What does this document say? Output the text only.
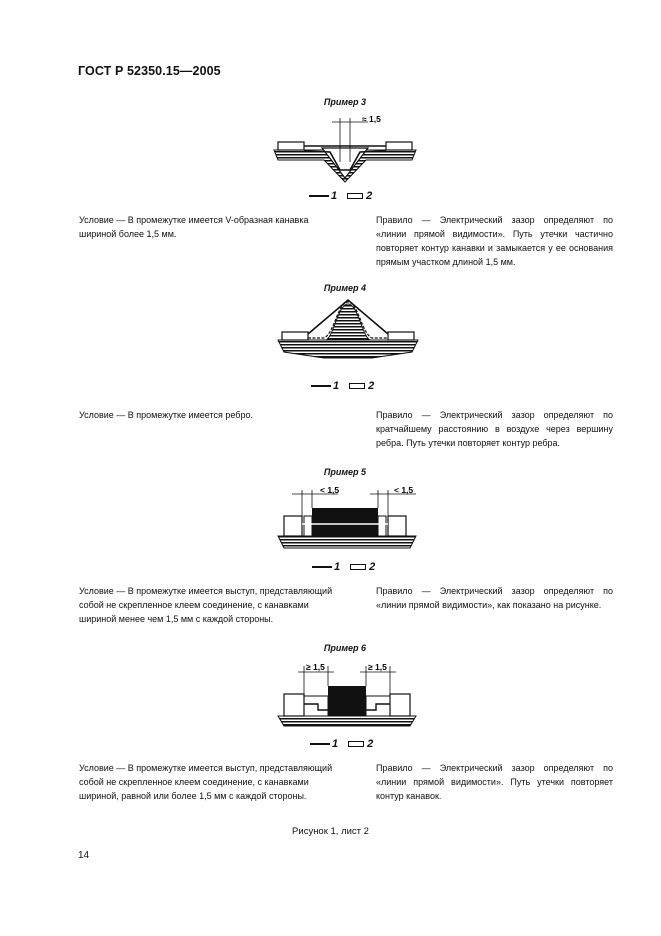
ГОСТ Р 52350.15—2005
Пример 3
≈ 1,5
1	2
Условие — В промежутке имеется V-образная канавка шириной более 1,5 мм.
Правило — Электрический зазор определяют по «линии прямой видимости». Путь утечки частично повторяет контур канавки и замыкается у ее основания прямым участком длиной 1,5 мм.
Пример 4
1	2
Условие — В промежутке имеется ребро.	Правило — Электрический зазор определяют по кратчайшему расстоянию в воздухе через вершину ребра. Путь утечки повторяет контур ребра.
Пример 5
< 1,5	< 1,5
1	2
Условие — В промежутке имеется выступ, представляющий собой не скрепленное клеем соединение, с канавками шириной менее чем 1,5 мм с каждой стороны.
Правило — Электрический зазор определяют по «линии прямой видимости», как показано на рисунке.
Пример 6
≥ 1,5	≥ 1,5
1	2
Условие — В промежутке имеется выступ, представляющий собой не скрепленное клеем соединение, с канавками шириной, равной или более 1,5 мм с каждой стороны.
Правило — Электрический зазор определяют по «линии прямой видимости». Путь утечки повторяет контур канавок.
Рисунок 1, лист 2
14
